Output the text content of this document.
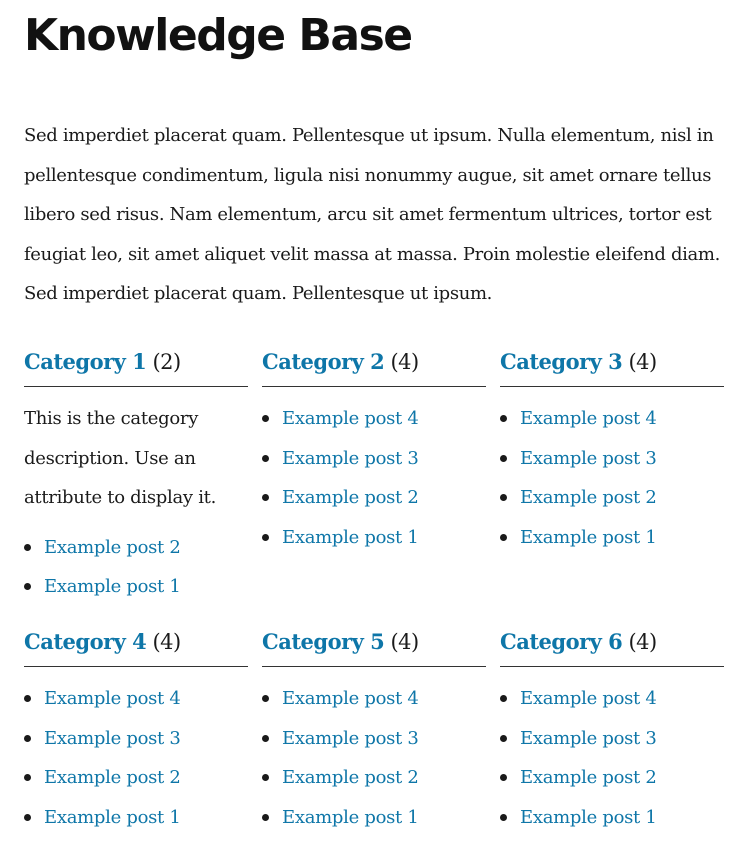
Knowledge Base

Sed imperdiet placerat quam. Pellentesque ut ipsum. Nulla elementum, nisl in pellentesque condimentum, ligula nisi nonummy augue, sit amet ornare tellus libero sed risus. Nam elementum, arcu sit amet fermentum ultrices, tortor est feugiat leo, sit amet aliquet velit massa at massa. Proin molestie eleifend diam. Sed imperdiet placerat quam. Pellentesque ut ipsum.

Category 1 (2)

This is the category description. Use an attribute to display it.

Example post 2
Example post 1
Category 2 (4)
Example post 4
Example post 3
Example post 2
Example post 1
Category 3 (4)
Example post 4
Example post 3
Example post 2
Example post 1
Category 4 (4)
Example post 4
Example post 3
Example post 2
Example post 1
Category 5 (4)
Example post 4
Example post 3
Example post 2
Example post 1
Category 6 (4)
Example post 4
Example post 3
Example post 2
Example post 1
